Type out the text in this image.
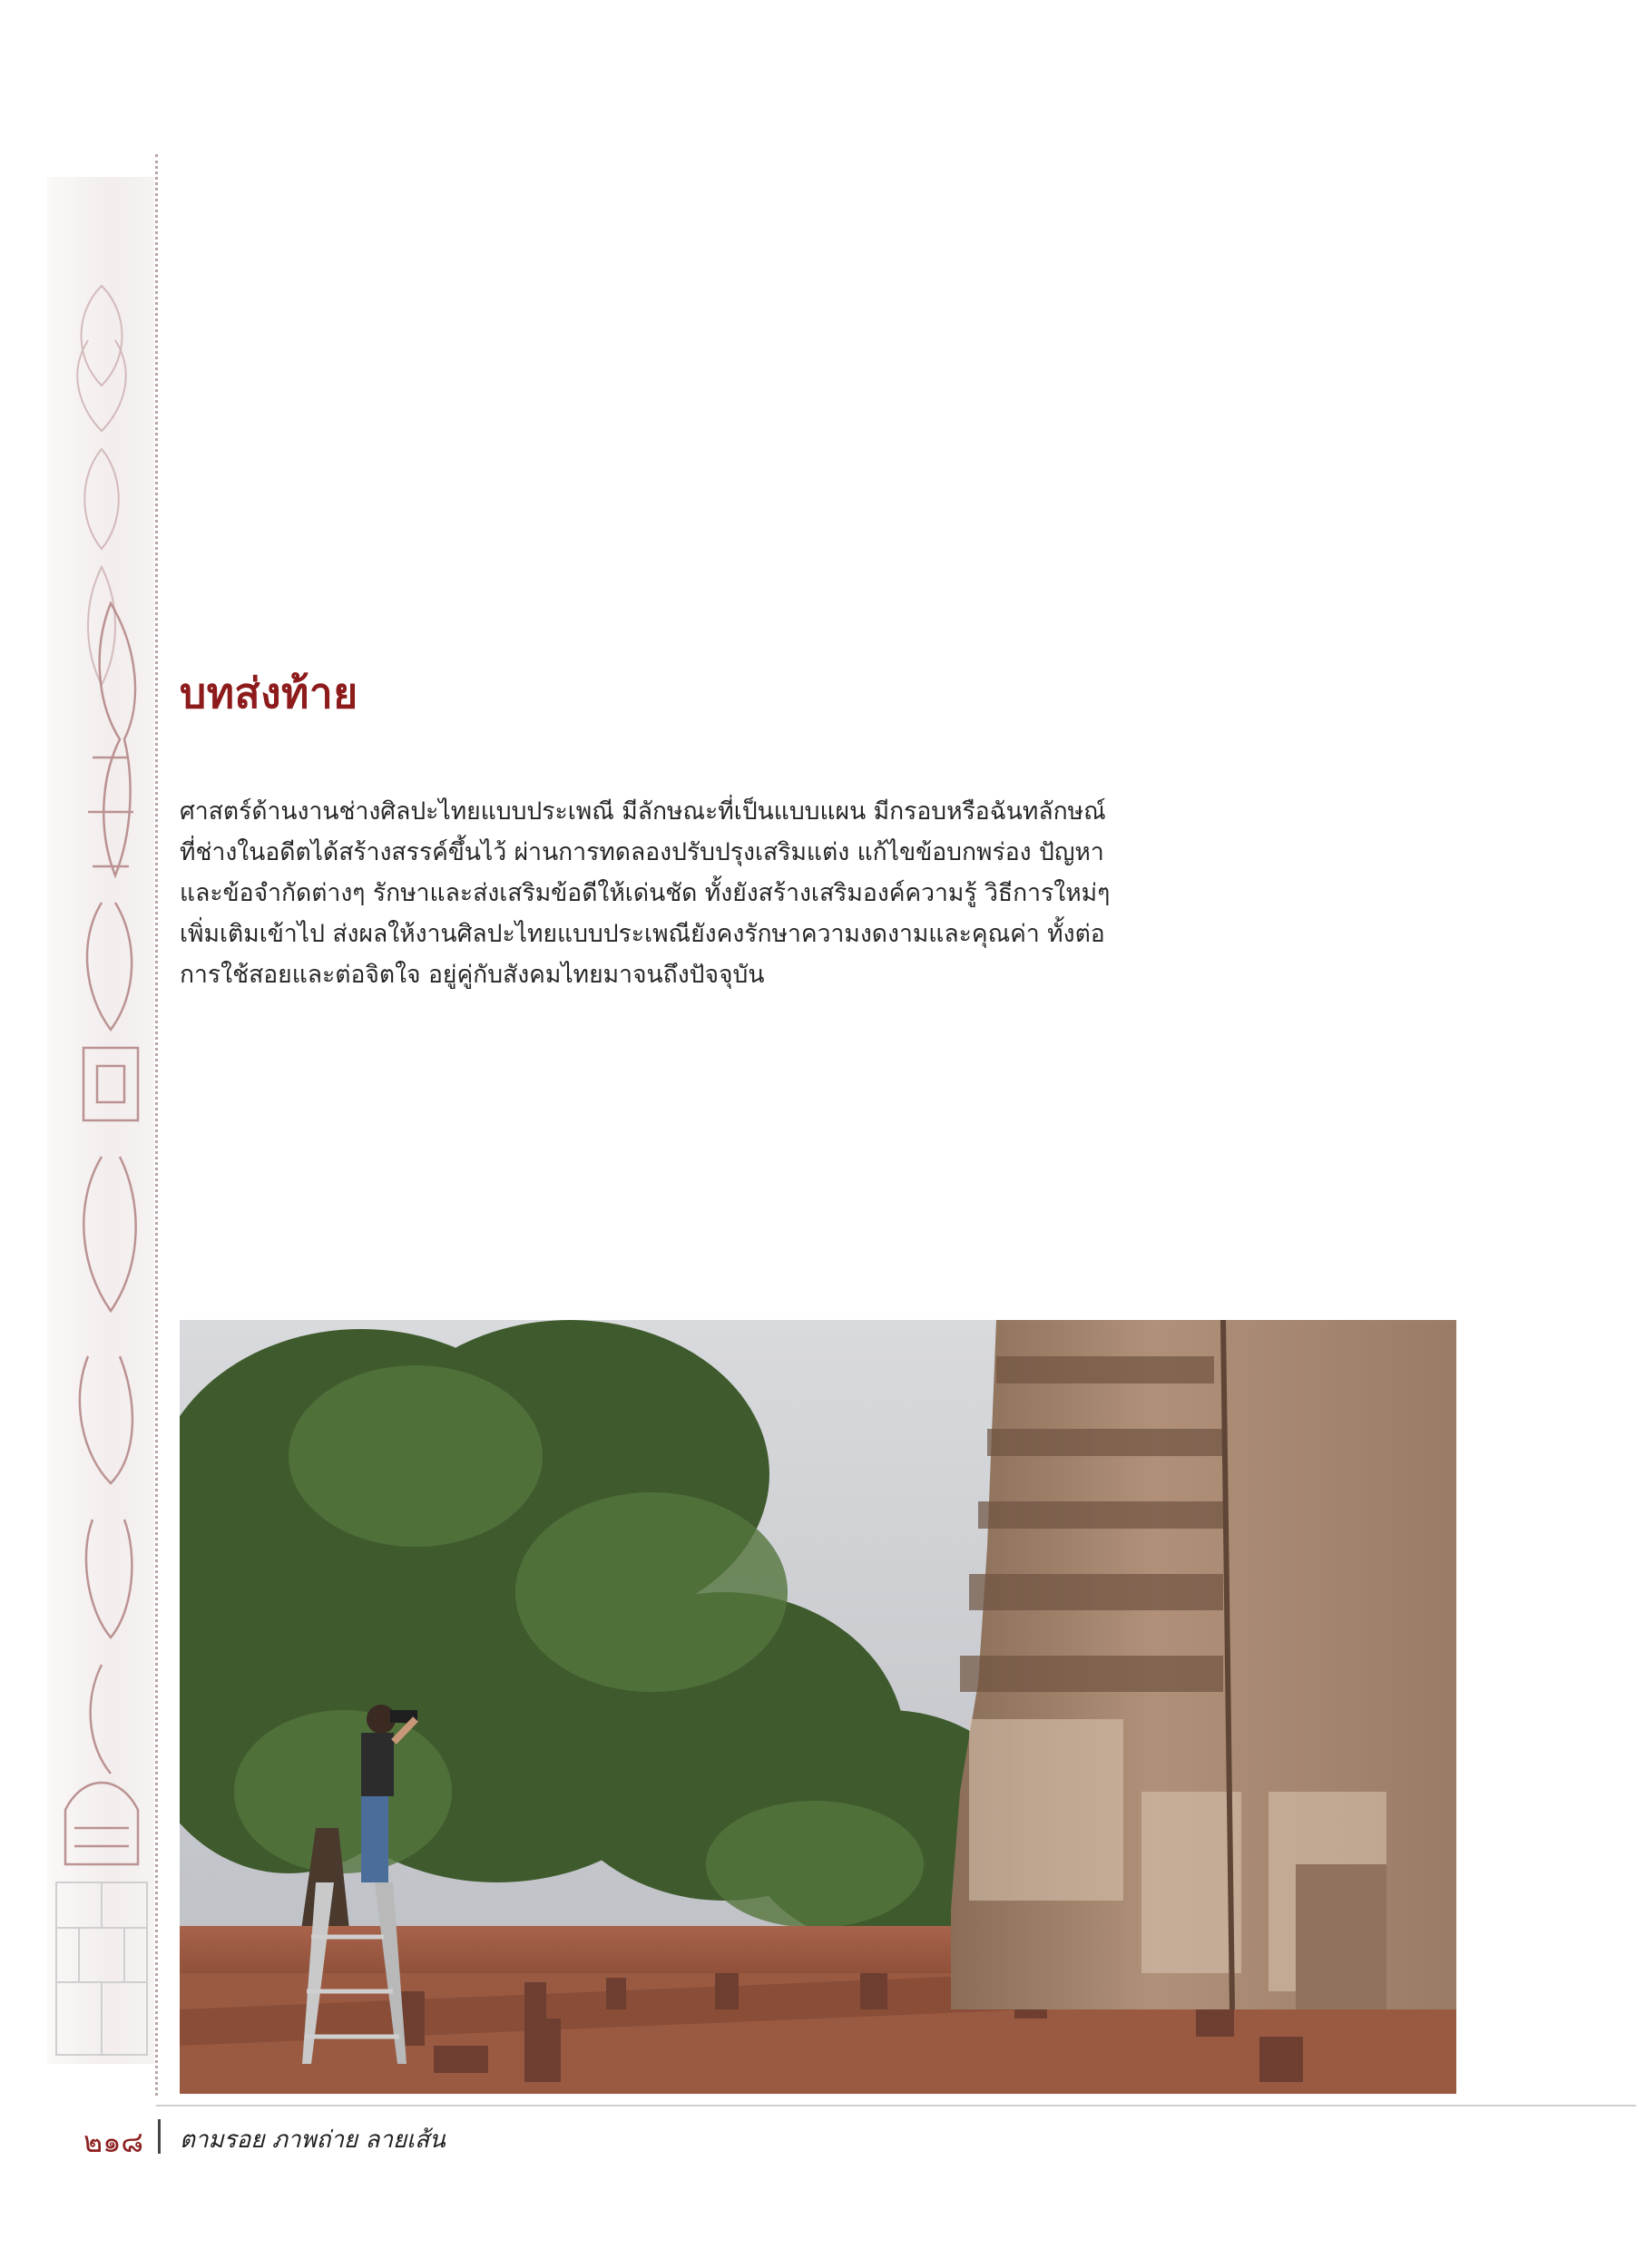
บทส่งท้าย

ศาสตร์ด้านงานช่างศิลปะไทยแบบประเพณี มีลักษณะที่เป็นแบบแผน มีกรอบหรือฉันทลักษณ์
ที่ช่างในอดีตได้สร้างสรรค์ขึ้นไว้ ผ่านการทดลองปรับปรุงเสริมแต่ง แก้ไขข้อบกพร่อง ปัญหา
และข้อจำกัดต่างๆ รักษาและส่งเสริมข้อดีให้เด่นชัด ทั้งยังสร้างเสริมองค์ความรู้ วิธีการใหม่ๆ
เพิ่มเติมเข้าไป ส่งผลให้งานศิลปะไทยแบบประเพณียังคงรักษาความงดงามและคุณค่า ทั้งต่อ
การใช้สอยและต่อจิตใจ อยู่คู่กับสังคมไทยมาจนถึงปัจจุบัน

๒๑๘ ตามรอย ภาพถ่าย ลายเส้น
